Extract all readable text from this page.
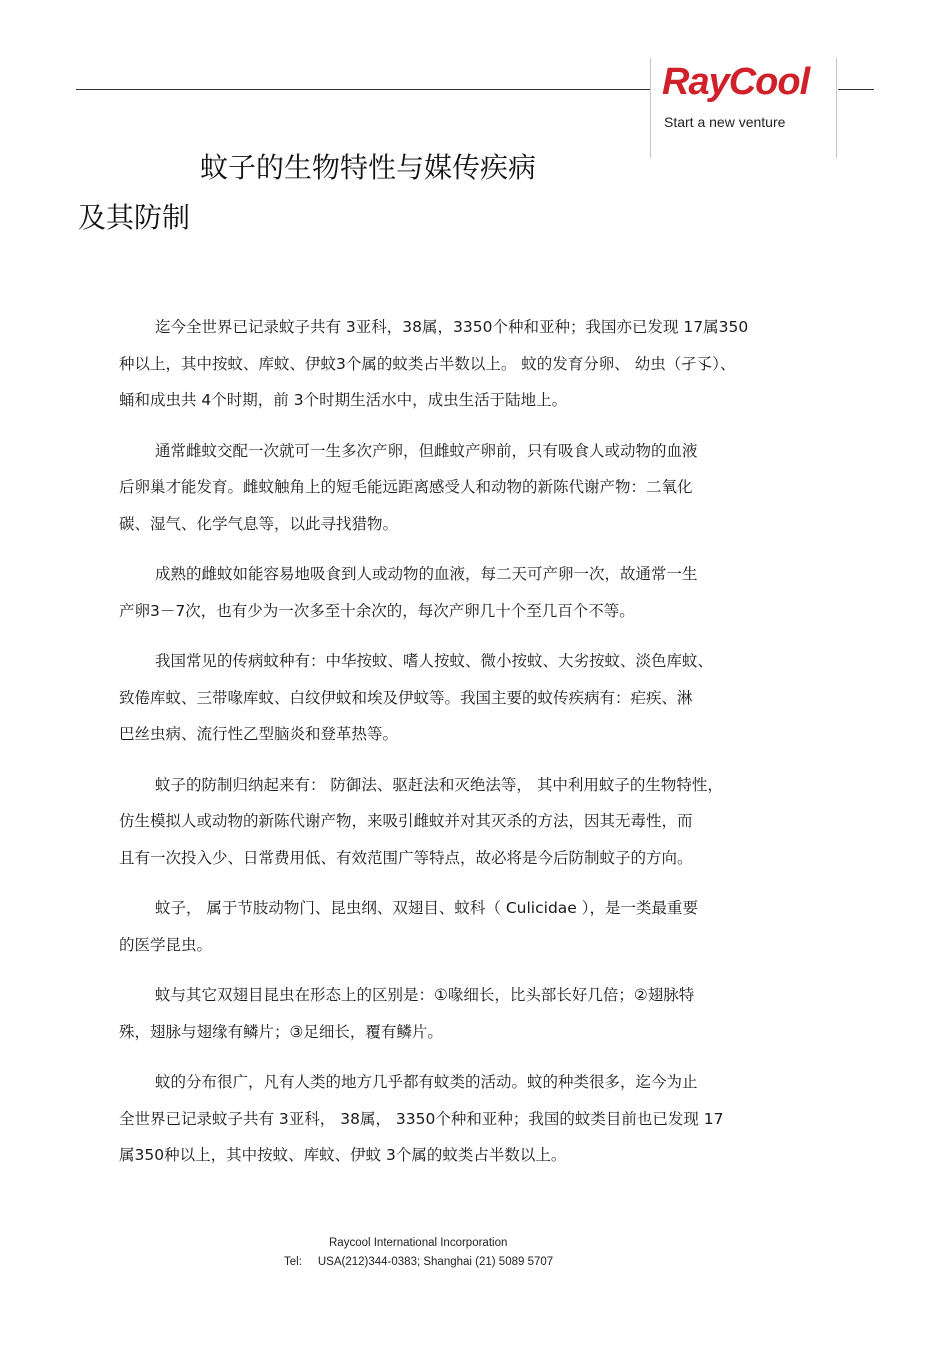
RayCool
Start a new venture
蚊子的生物特性与媒传疾病
及其防制
迄今全世界已记录蚊子共有 3亚科，38属，3350个种和亚种；我国亦已发现 17属350
种以上，其中按蚊、库蚊、伊蚊3个属的蚊类占半数以上。 蚊的发育分卵、 幼虫（孑孓）、
蛹和成虫共 4个时期，前 3个时期生活水中，成虫生活于陆地上。
通常雌蚊交配一次就可一生多次产卵，但雌蚊产卵前，只有吸食人或动物的血液
后卵巢才能发育。雌蚊触角上的短毛能远距离感受人和动物的新陈代谢产物：二氧化
碳、湿气、化学气息等，以此寻找猎物。
成熟的雌蚊如能容易地吸食到人或动物的血液，每二天可产卵一次，故通常一生
产卵3－7次，也有少为一次多至十余次的，每次产卵几十个至几百个不等。
我国常见的传病蚊种有：中华按蚊、嗜人按蚊、微小按蚊、大劣按蚊、淡色库蚊、
致倦库蚊、三带喙库蚊、白纹伊蚊和埃及伊蚊等。我国主要的蚊传疾病有：疟疾、淋
巴丝虫病、流行性乙型脑炎和登革热等。
蚊子的防制归纳起来有： 防御法、驱赶法和灭绝法等， 其中利用蚊子的生物特性，
仿生模拟人或动物的新陈代谢产物，来吸引雌蚊并对其灭杀的方法，因其无毒性，而
且有一次投入少、日常费用低、有效范围广等特点，故必将是今后防制蚊子的方向。
蚊子， 属于节肢动物门、昆虫纲、双翅目、蚊科（ Culicidae ），是一类最重要
的医学昆虫。
蚊与其它双翅目昆虫在形态上的区别是：①喙细长，比头部长好几倍；②翅脉特
殊，翅脉与翅缘有鳞片；③足细长，覆有鳞片。
蚊的分布很广，凡有人类的地方几乎都有蚊类的活动。蚊的种类很多，迄今为止
全世界已记录蚊子共有 3亚科， 38属， 3350个种和亚种；我国的蚊类目前也已发现 17
属350种以上，其中按蚊、库蚊、伊蚊 3个属的蚊类占半数以上。
Raycool International Incorporation
Tel:     USA(212)344-0383; Shanghai (21) 5089 5707
